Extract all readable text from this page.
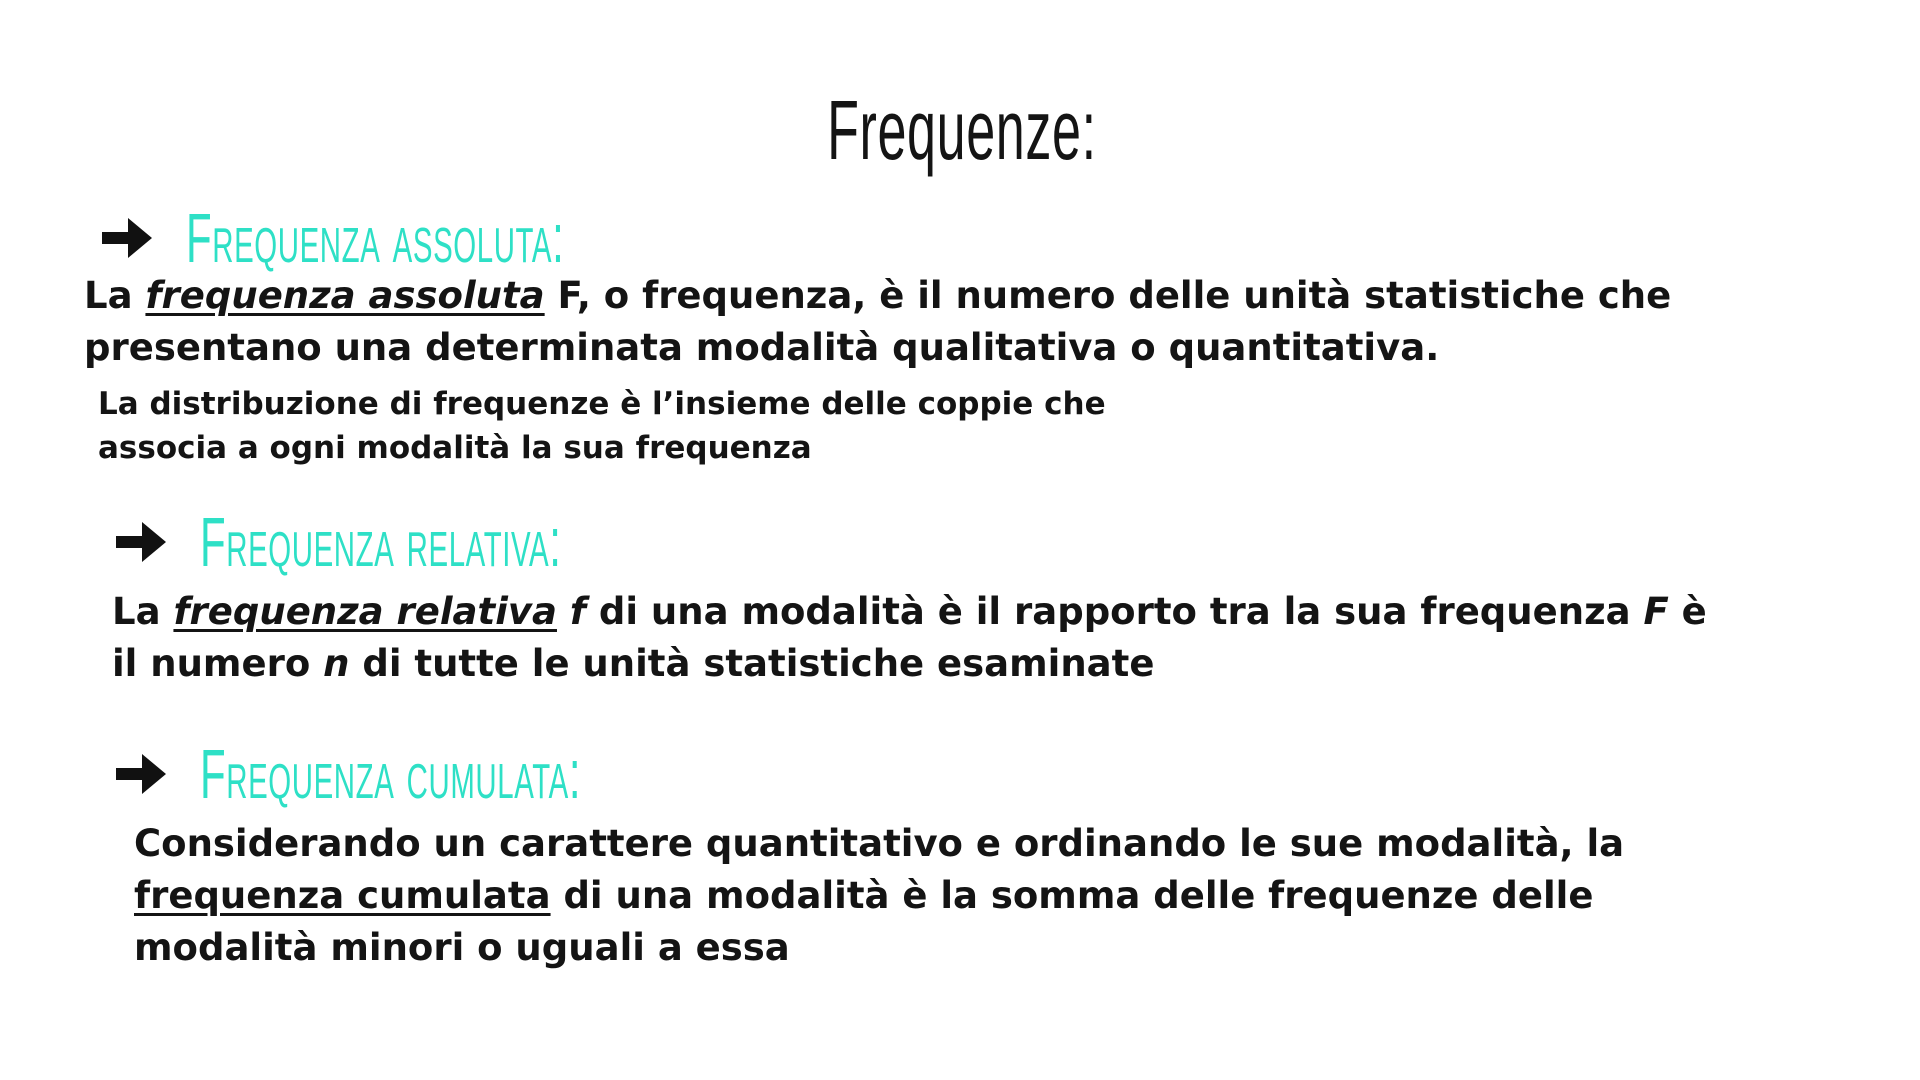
Frequenze:
Frequenza assoluta:

La frequenza assoluta F, o frequenza, è il numero delle unità statistiche che

presentano una determinata modalità qualitativa o quantitativa.

La distribuzione di frequenze è l’insieme delle coppie che

associa a ogni modalità la sua frequenza

Frequenza relativa:

La frequenza relativa f di una modalità è il rapporto tra la sua frequenza F è

il numero n di tutte le unità statistiche esaminate

Frequenza cumulata:

Considerando un carattere quantitativo e ordinando le sue modalità, la

frequenza cumulata di una modalità è la somma delle frequenze delle

modalità minori o uguali a essa
